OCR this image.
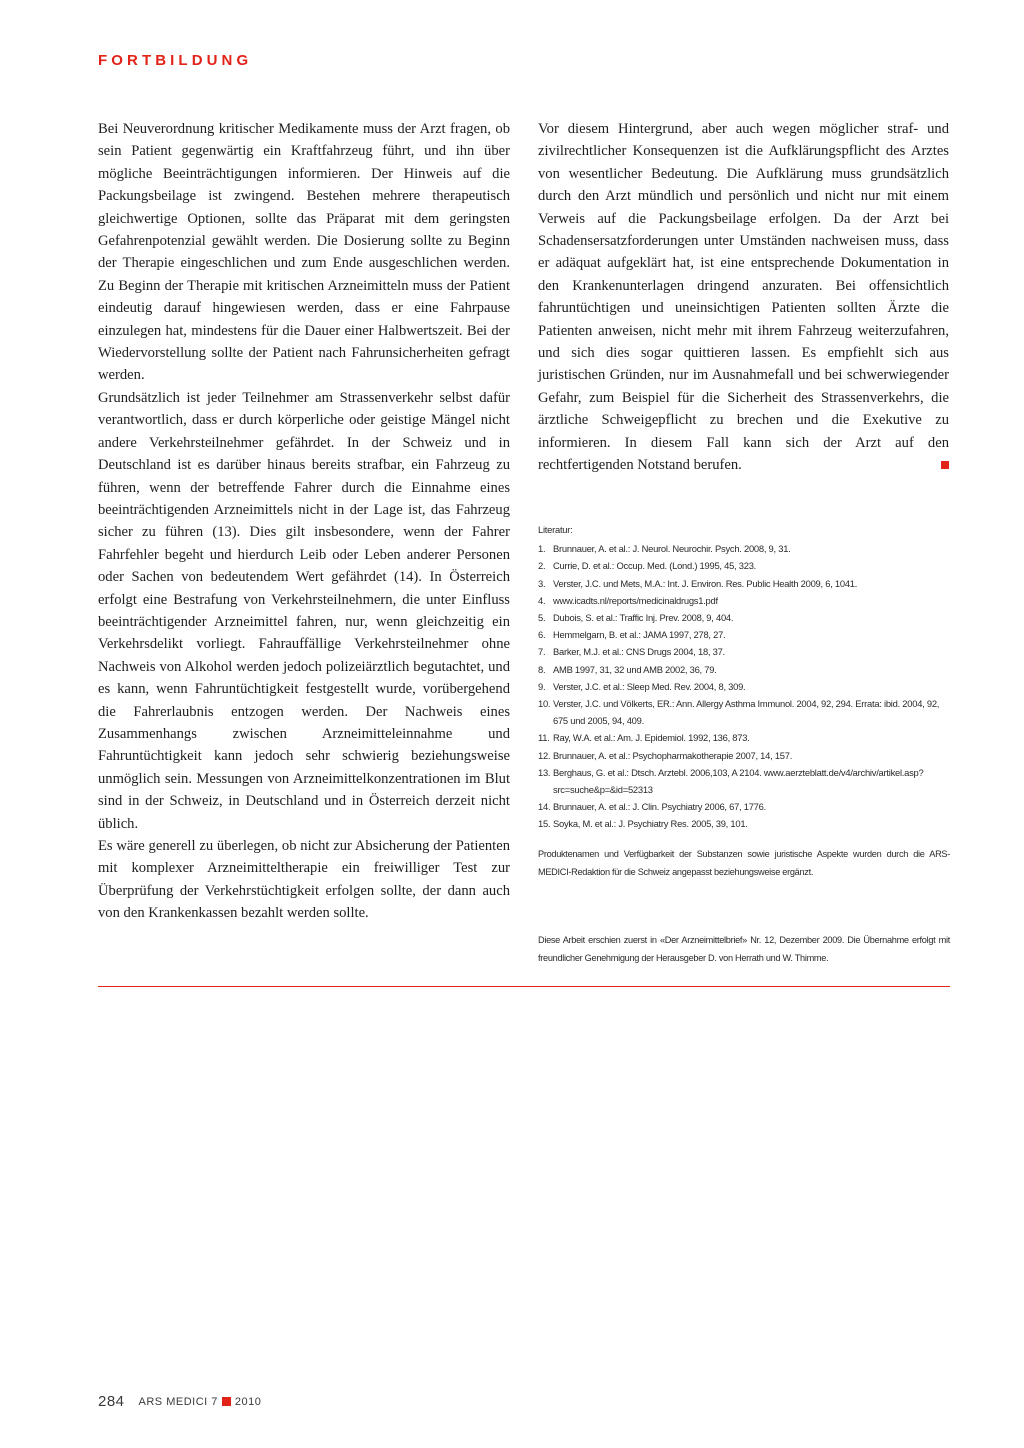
FORTBILDUNG

Bei Neuverordnung kritischer Medikamente muss der Arzt fragen, ob sein Patient gegenwärtig ein Kraftfahrzeug führt, und ihn über mögliche Beeinträchtigungen informieren. Der Hinweis auf die Packungsbeilage ist zwingend. Bestehen mehrere therapeutisch gleichwertige Optionen, sollte das Präparat mit dem geringsten Gefahrenpotenzial gewählt werden. Die Dosierung sollte zu Beginn der Therapie eingeschlichen und zum Ende ausgeschlichen werden. Zu Beginn der Therapie mit kritischen Arzneimitteln muss der Patient eindeutig darauf hingewiesen werden, dass er eine Fahrpause einzulegen hat, mindestens für die Dauer einer Halbwertszeit. Bei der Wiedervorstellung sollte der Patient nach Fahrunsicherheiten gefragt werden.

Grundsätzlich ist jeder Teilnehmer am Strassenverkehr selbst dafür verantwortlich, dass er durch körperliche oder geistige Mängel nicht andere Verkehrsteilnehmer gefährdet. In der Schweiz und in Deutschland ist es darüber hinaus bereits strafbar, ein Fahrzeug zu führen, wenn der betreffende Fahrer durch die Einnahme eines beeinträchtigenden Arzneimittels nicht in der Lage ist, das Fahrzeug sicher zu führen (13). Dies gilt insbesondere, wenn der Fahrer Fahrfehler begeht und hierdurch Leib oder Leben anderer Personen oder Sachen von bedeutendem Wert gefährdet (14). In Österreich erfolgt eine Bestrafung von Verkehrsteilnehmern, die unter Einfluss beeinträchtigender Arzneimittel fahren, nur, wenn gleichzeitig ein Verkehrsdelikt vorliegt. Fahrauffällige Verkehrsteilnehmer ohne Nachweis von Alkohol werden jedoch polizeiärztlich begutachtet, und es kann, wenn Fahruntüchtigkeit festgestellt wurde, vorübergehend die Fahrerlaubnis entzogen werden. Der Nachweis eines Zusammenhangs zwischen Arzneimitteleinnahme und Fahruntüchtigkeit kann jedoch sehr schwierig beziehungsweise unmöglich sein. Messungen von Arzneimittelkonzentrationen im Blut sind in der Schweiz, in Deutschland und in Österreich derzeit nicht üblich.

Es wäre generell zu überlegen, ob nicht zur Absicherung der Patienten mit komplexer Arzneimitteltherapie ein freiwilliger Test zur Überprüfung der Verkehrstüchtigkeit erfolgen sollte, der dann auch von den Krankenkassen bezahlt werden sollte.

Vor diesem Hintergrund, aber auch wegen möglicher straf- und zivilrechtlicher Konsequenzen ist die Aufklärungspflicht des Arztes von wesentlicher Bedeutung. Die Aufklärung muss grundsätzlich durch den Arzt mündlich und persönlich und nicht nur mit einem Verweis auf die Packungsbeilage erfolgen. Da der Arzt bei Schadensersatzforderungen unter Umständen nachweisen muss, dass er adäquat aufgeklärt hat, ist eine entsprechende Dokumentation in den Krankenunterlagen dringend anzuraten. Bei offensichtlich fahruntüchtigen und uneinsichtigen Patienten sollten Ärzte die Patienten anweisen, nicht mehr mit ihrem Fahrzeug weiterzufahren, und sich dies sogar quittieren lassen. Es empfiehlt sich aus juristischen Gründen, nur im Ausnahmefall und bei schwerwiegender Gefahr, zum Beispiel für die Sicherheit des Strassenverkehrs, die ärztliche Schweigepflicht zu brechen und die Exekutive zu informieren. In diesem Fall kann sich der Arzt auf den rechtfertigenden Notstand berufen.

Literatur:

1. Brunnauer, A. et al.: J. Neurol. Neurochir. Psych. 2008, 9, 31.
2. Currie, D. et al.: Occup. Med. (Lond.) 1995, 45, 323.
3. Verster, J.C. und Mets, M.A.: Int. J. Environ. Res. Public Health 2009, 6, 1041.
4. www.icadts.nl/reports/medicinaldrugs1.pdf
5. Dubois, S. et al.: Traffic Inj. Prev. 2008, 9, 404.
6. Hemmelgarn, B. et al.: JAMA 1997, 278, 27.
7. Barker, M.J. et al.: CNS Drugs 2004, 18, 37.
8. AMB 1997, 31, 32 und AMB 2002, 36, 79.
9. Verster, J.C. et al.: Sleep Med. Rev. 2004, 8, 309.
10. Verster, J.C. und Völkerts, ER.: Ann. Allergy Asthma Immunol. 2004, 92, 294. Errata: ibid. 2004, 92, 675 und 2005, 94, 409.
11. Ray, W.A. et al.: Am. J. Epidemiol. 1992, 136, 873.
12. Brunnauer, A. et al.: Psychopharmakotherapie 2007, 14, 157.
13. Berghaus, G. et al.: Dtsch. Arztebl. 2006,103, A 2104. www.aerzteblatt.de/v4/archiv/artikel.asp?src=suche&p=&id=52313
14. Brunnauer, A. et al.: J. Clin. Psychiatry 2006, 67, 1776.
15. Soyka, M. et al.: J. Psychiatry Res. 2005, 39, 101.
Produktenamen und Verfügbarkeit der Substanzen sowie juristische Aspekte wurden durch die ARS-MEDICI-Redaktion für die Schweiz angepasst beziehungsweise ergänzt.
Diese Arbeit erschien zuerst in «Der Arzneimittelbrief» Nr. 12, Dezember 2009. Die Übernahme erfolgt mit freundlicher Genehmigung der Herausgeber D. von Herrath und W. Thimme.
284 ARS MEDICI 7 2010
